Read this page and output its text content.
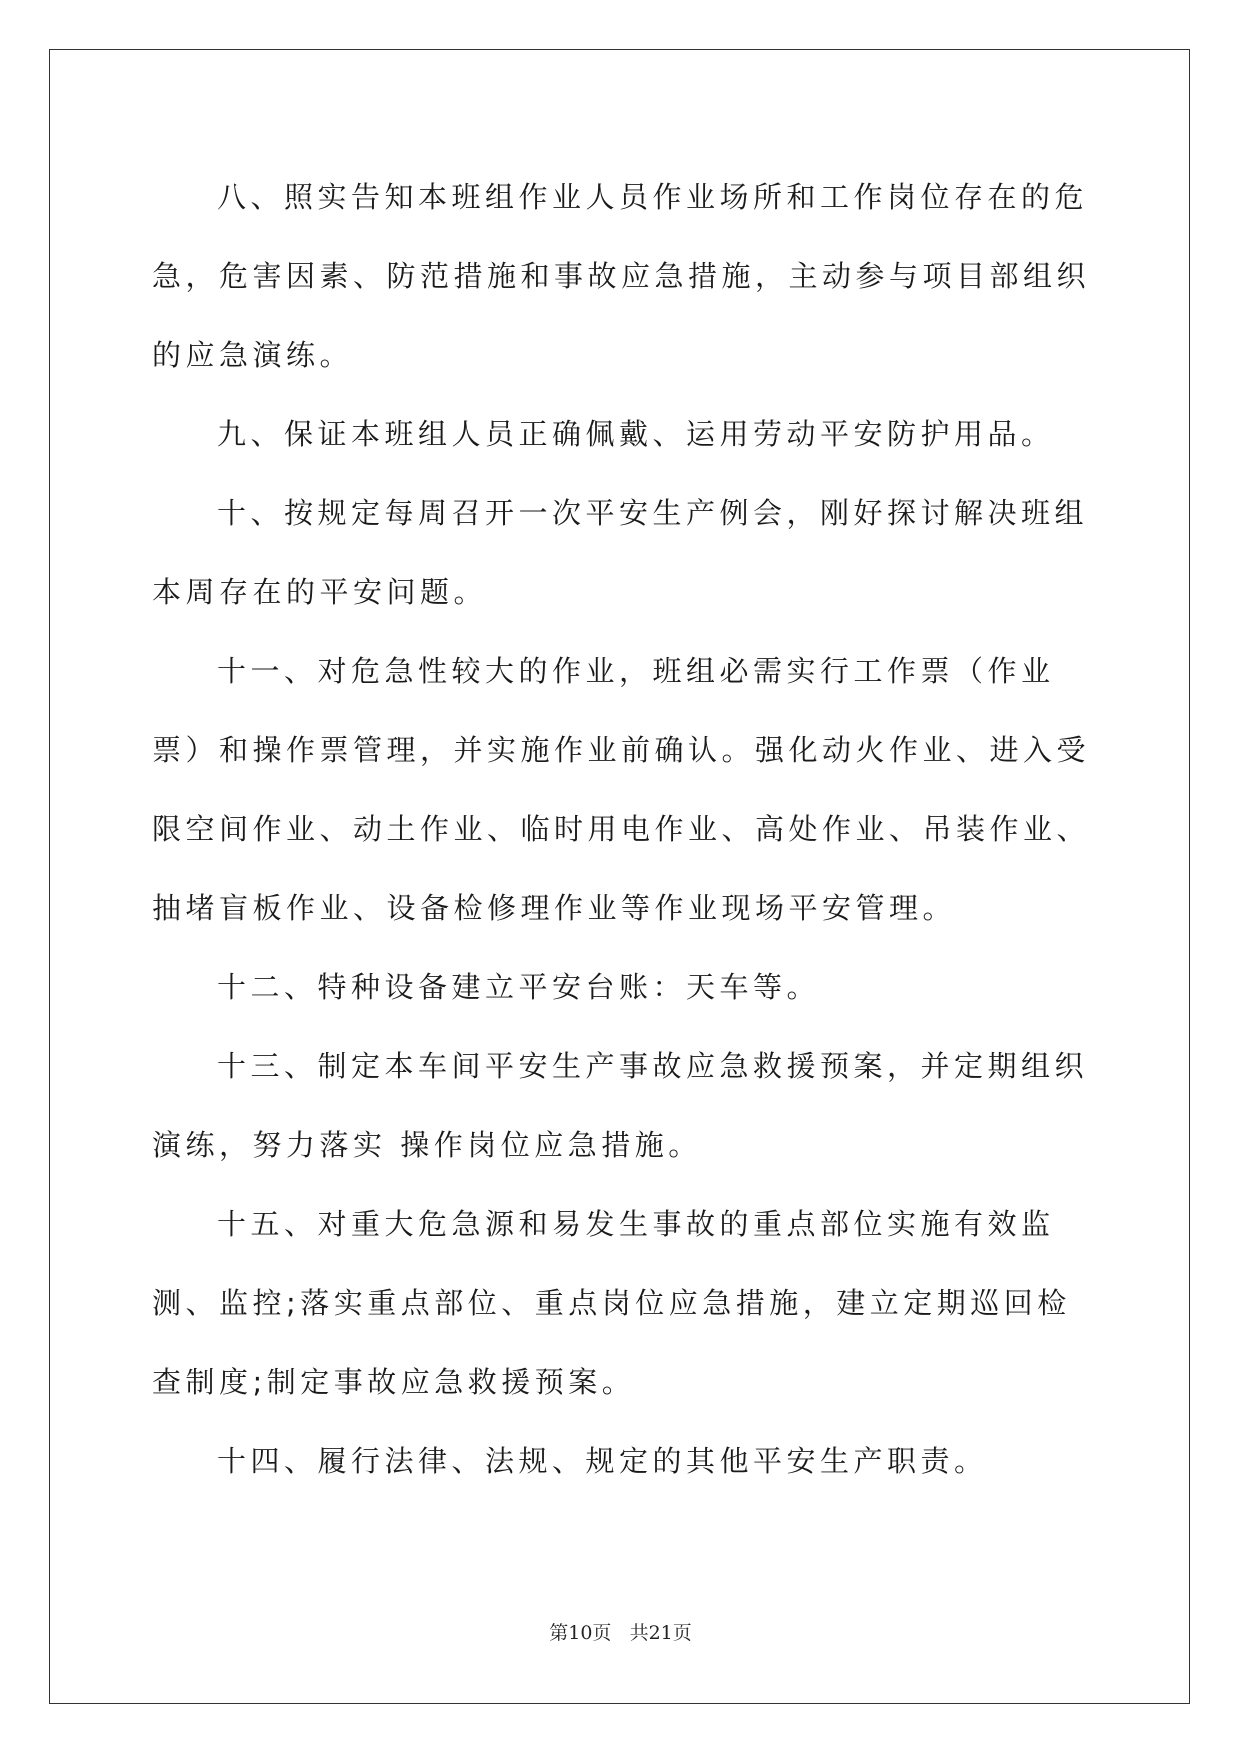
八、照实告知本班组作业人员作业场所和工作岗位存在的危急，危害因素、防范措施和事故应急措施，主动参与项目部组织的应急演练。

九、保证本班组人员正确佩戴、运用劳动平安防护用品。

十、按规定每周召开一次平安生产例会，刚好探讨解决班组本周存在的平安问题。

十一、对危急性较大的作业，班组必需实行工作票（作业票）和操作票管理，并实施作业前确认。强化动火作业、进入受限空间作业、动土作业、临时用电作业、高处作业、吊装作业、抽堵盲板作业、设备检修理作业等作业现场平安管理。

十二、特种设备建立平安台账：天车等。

十三、制定本车间平安生产事故应急救援预案，并定期组织演练，努力落实 操作岗位应急措施。

十五、对重大危急源和易发生事故的重点部位实施有效监测、监控;落实重点部位、重点岗位应急措施，建立定期巡回检查制度;制定事故应急救援预案。

十四、履行法律、法规、规定的其他平安生产职责。

第10页 共21页
